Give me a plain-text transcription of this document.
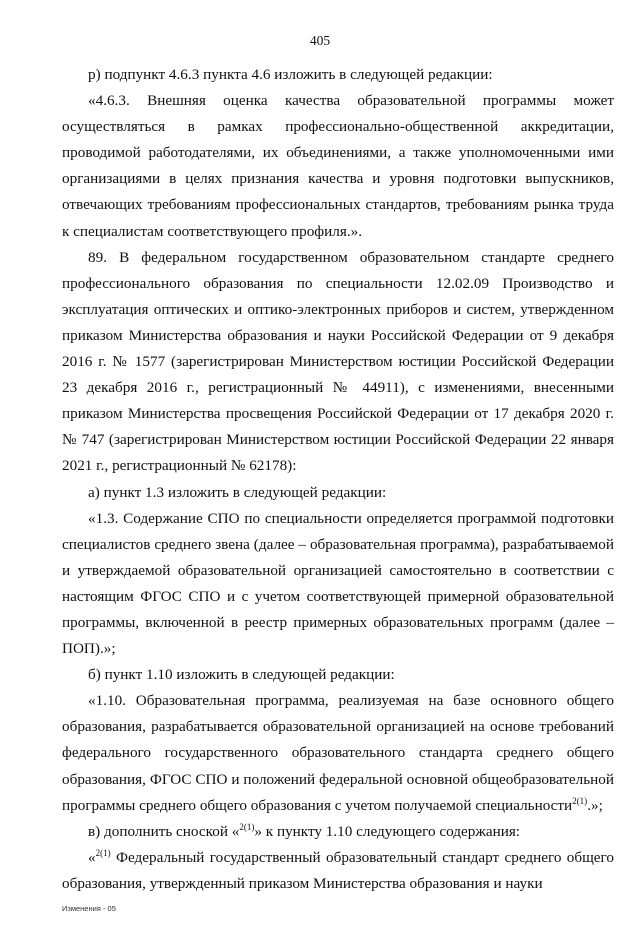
405

р) подпункт 4.6.3 пункта 4.6 изложить в следующей редакции:

«4.6.3. Внешняя оценка качества образовательной программы может осуществляться в рамках профессионально-общественной аккредитации, проводимой работодателями, их объединениями, а также уполномоченными ими организациями в целях признания качества и уровня подготовки выпускников, отвечающих требованиям профессиональных стандартов, требованиям рынка труда к специалистам соответствующего профиля.».

89. В федеральном государственном образовательном стандарте среднего профессионального образования по специальности 12.02.09 Производство и эксплуатация оптических и оптико-электронных приборов и систем, утвержденном приказом Министерства образования и науки Российской Федерации от 9 декабря 2016 г. № 1577 (зарегистрирован Министерством юстиции Российской Федерации 23 декабря 2016 г., регистрационный № 44911), с изменениями, внесенными приказом Министерства просвещения Российской Федерации от 17 декабря 2020 г. № 747 (зарегистрирован Министерством юстиции Российской Федерации 22 января 2021 г., регистрационный № 62178):

а) пункт 1.3 изложить в следующей редакции:

«1.3. Содержание СПО по специальности определяется программой подготовки специалистов среднего звена (далее – образовательная программа), разрабатываемой и утверждаемой образовательной организацией самостоятельно в соответствии с настоящим ФГОС СПО и с учетом соответствующей примерной образовательной программы, включенной в реестр примерных образовательных программ (далее – ПОП).»;

б) пункт 1.10 изложить в следующей редакции:

«1.10. Образовательная программа, реализуемая на базе основного общего образования, разрабатывается образовательной организацией на основе требований федерального государственного образовательного стандарта среднего общего образования, ФГОС СПО и положений федеральной основной общеобразовательной программы среднего общего образования с учетом получаемой специальности$^{2(1)}$.»;

в) дополнить сноской «$^{2(1)}$» к пункту 1.10 следующего содержания:

«$^{2(1)}$ Федеральный государственный образовательный стандарт среднего общего образования, утвержденный приказом Министерства образования и науки

Изменения - 05
